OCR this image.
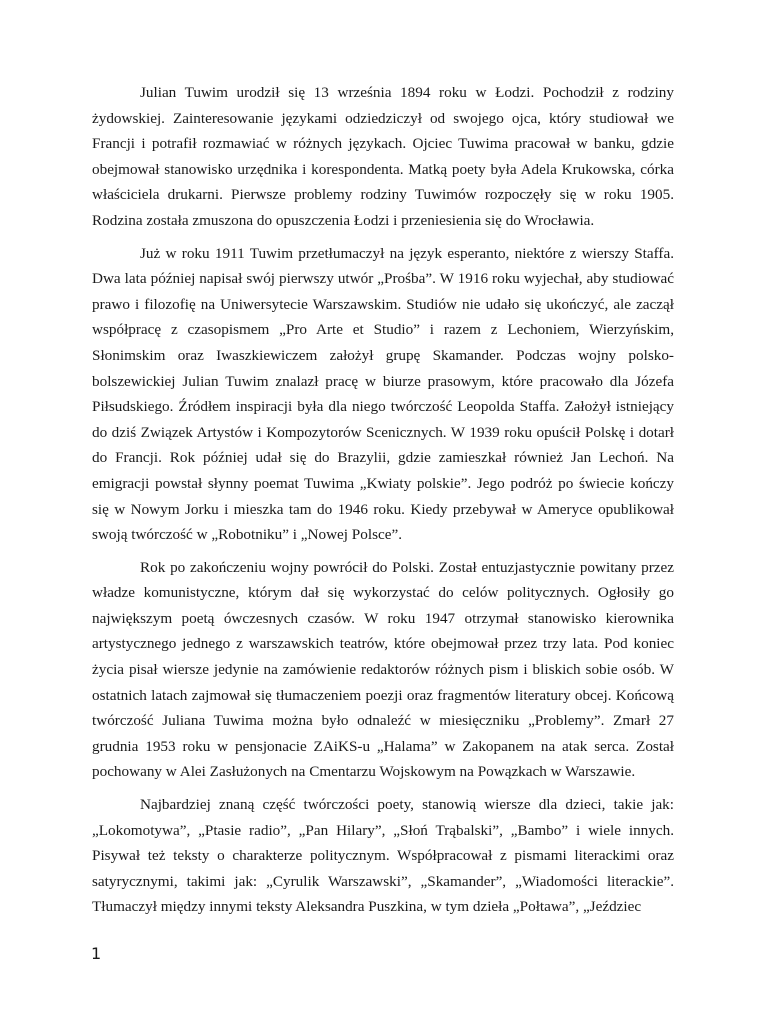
Julian Tuwim urodził się 13 września 1894 roku w Łodzi. Pochodził z rodziny żydowskiej. Zainteresowanie językami odziedziczył od swojego ojca, który studiował we Francji i potrafił rozmawiać w różnych językach. Ojciec Tuwima pracował w banku, gdzie obejmował stanowisko urzędnika i korespondenta. Matką poety była Adela Krukowska, córka właściciela drukarni. Pierwsze problemy rodziny Tuwimów rozpoczęły się w roku 1905. Rodzina została zmuszona do opuszczenia Łodzi i przeniesienia się do Wrocławia.

Już w roku 1911 Tuwim przetłumaczył na język esperanto, niektóre z wierszy Staffa. Dwa lata później napisał swój pierwszy utwór „Prośba”. W 1916 roku wyjechał, aby studiować prawo i filozofię na Uniwersytecie Warszawskim. Studiów nie udało się ukończyć, ale zaczął współpracę z czasopismem „Pro Arte et Studio” i razem z Lechoniem, Wierzyńskim, Słonimskim oraz Iwaszkiewiczem założył grupę Skamander. Podczas wojny polsko-bolszewickiej Julian Tuwim znalazł pracę w biurze prasowym, które pracowało dla Józefa Piłsudskiego. Źródłem inspiracji była dla niego twórczość Leopolda Staffa. Założył istniejący do dziś Związek Artystów i Kompozytorów Scenicznych. W 1939 roku opuścił Polskę i dotarł do Francji. Rok później udał się do Brazylii, gdzie zamieszkał również Jan Lechoń. Na emigracji powstał słynny poemat Tuwima „Kwiaty polskie”. Jego podróż po świecie kończy się w Nowym Jorku i mieszka tam do 1946 roku. Kiedy przebywał w Ameryce opublikował swoją twórczość w „Robotniku” i „Nowej Polsce”.

Rok po zakończeniu wojny powrócił do Polski. Został entuzjastycznie powitany przez władze komunistyczne, którym dał się wykorzystać do celów politycznych. Ogłosiły go największym poetą ówczesnych czasów. W roku 1947 otrzymał stanowisko kierownika artystycznego jednego z warszawskich teatrów, które obejmował przez trzy lata. Pod koniec życia pisał wiersze jedynie na zamówienie redaktorów różnych pism i bliskich sobie osób. W ostatnich latach zajmował się tłumaczeniem poezji oraz fragmentów literatury obcej. Końcową twórczość Juliana Tuwima można było odnaleźć w miesięczniku „Problemy”. Zmarł 27 grudnia 1953 roku w pensjonacie ZAiKS-u „Halama” w Zakopanem na atak serca. Został pochowany w Alei Zasłużonych na Cmentarzu Wojskowym na Powązkach w Warszawie.

Najbardziej znaną część twórczości poety, stanowią wiersze dla dzieci, takie jak: „Lokomotywa”, „Ptasie radio”, „Pan Hilary”, „Słoń Trąbalski”, „Bambo” i wiele innych. Pisywał też teksty o charakterze politycznym. Współpracował z pismami literackimi oraz satyrycznymi, takimi jak: „Cyrulik Warszawski”, „Skamander”, „Wiadomości literackie”. Tłumaczył między innymi teksty Aleksandra Puszkina, w tym dzieła „Połtawa”, „Jeździec

1
